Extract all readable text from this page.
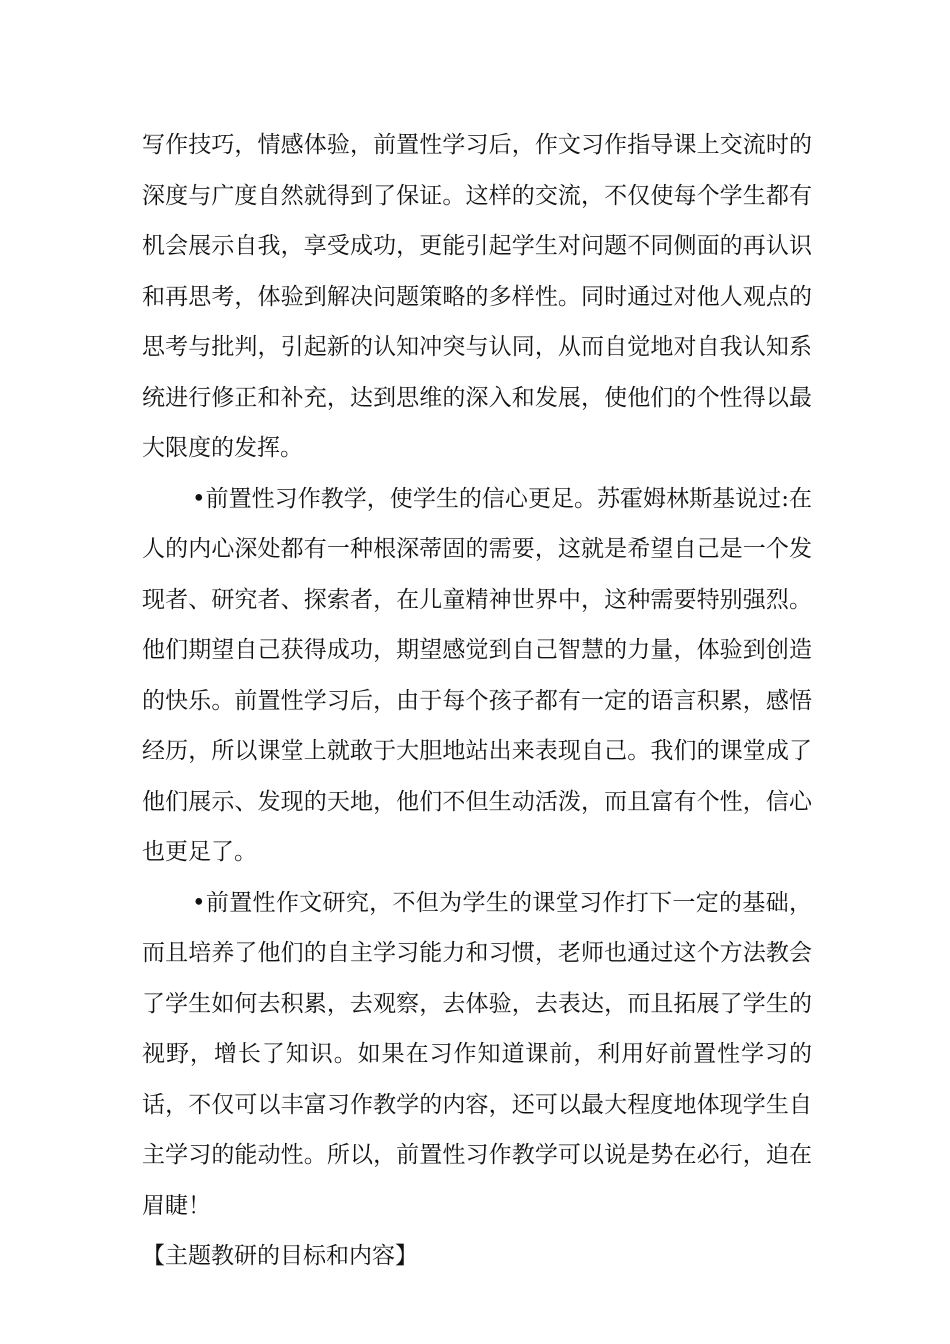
写作技巧，情感体验，前置性学习后，作文习作指导课上交流时的深度与广度自然就得到了保证。这样的交流，不仅使每个学生都有机会展示自我，享受成功，更能引起学生对问题不同侧面的再认识和再思考，体验到解决问题策略的多样性。同时通过对他人观点的思考与批判，引起新的认知冲突与认同，从而自觉地对自我认知系统进行修正和补充，达到思维的深入和发展，使他们的个性得以最大限度的发挥。

•前置性习作教学，使学生的信心更足。苏霍姆林斯基说过:在人的内心深处都有一种根深蒂固的需要，这就是希望自己是一个发现者、研究者、探索者，在儿童精神世界中，这种需要特别强烈。他们期望自己获得成功，期望感觉到自己智慧的力量，体验到创造的快乐。前置性学习后，由于每个孩子都有一定的语言积累，感悟经历，所以课堂上就敢于大胆地站出来表现自己。我们的课堂成了他们展示、发现的天地，他们不但生动活泼，而且富有个性，信心也更足了。

•前置性作文研究，不但为学生的课堂习作打下一定的基础，而且培养了他们的自主学习能力和习惯，老师也通过这个方法教会了学生如何去积累，去观察，去体验，去表达，而且拓展了学生的视野，增长了知识。如果在习作知道课前，利用好前置性学习的话，不仅可以丰富习作教学的内容，还可以最大程度地体现学生自主学习的能动性。所以，前置性习作教学可以说是势在必行，迫在眉睫！

【主题教研的目标和内容】
